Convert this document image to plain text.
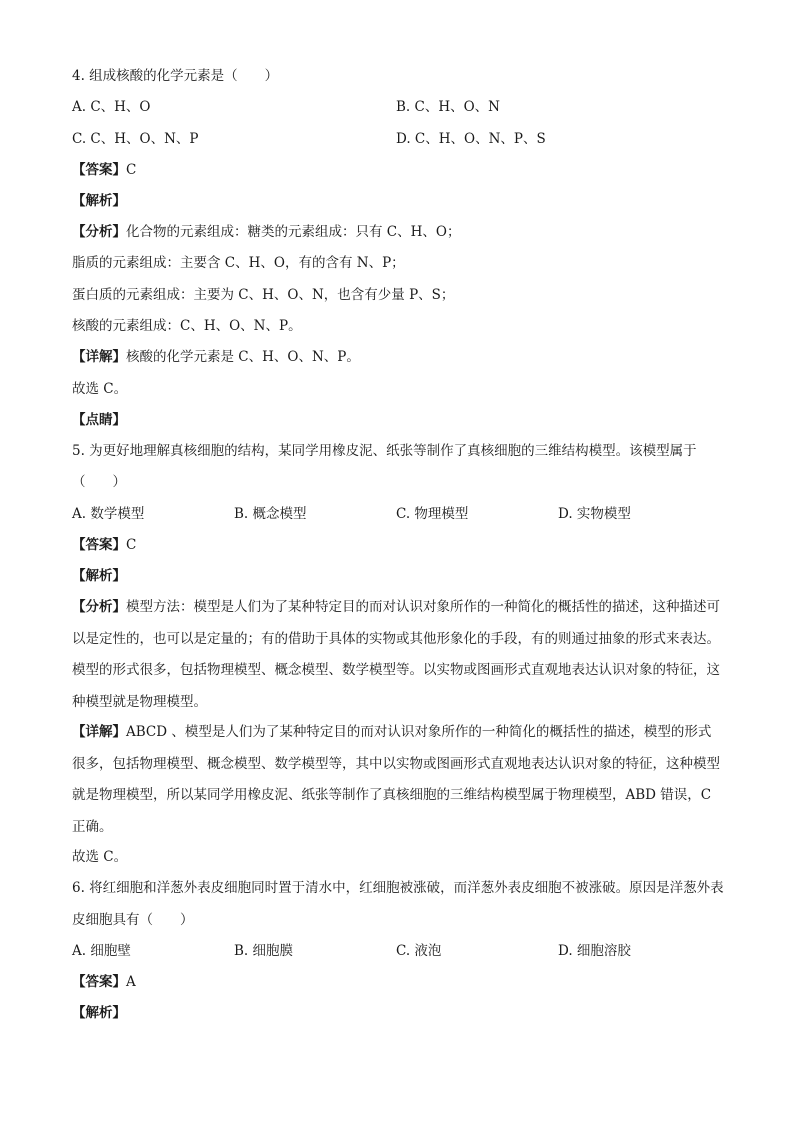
4. 组成核酸的化学元素是（　　）
A. C、H、O	B. C、H、O、N
C. C、H、O、N、P	D. C、H、O、N、P、S
【答案】C
【解析】
【分析】化合物的元素组成：糖类的元素组成：只有 C、H、O；
脂质的元素组成：主要含 C、H、O，有的含有 N、P；
蛋白质的元素组成：主要为 C、H、O、N，也含有少量 P、S；
核酸的元素组成：C、H、O、N、P。
【详解】核酸的化学元素是 C、H、O、N、P。
故选 C。
【点睛】
5. 为更好地理解真核细胞的结构，某同学用橡皮泥、纸张等制作了真核细胞的三维结构模型。该模型属于
（　　）
A. 数学模型	B. 概念模型	C. 物理模型	D. 实物模型
【答案】C
【解析】
【分析】模型方法：模型是人们为了某种特定目的而对认识对象所作的一种简化的概括性的描述，这种描述可以是定性的，也可以是定量的；有的借助于具体的实物或其他形象化的手段，有的则通过抽象的形式来表达。模型的形式很多，包括物理模型、概念模型、数学模型等。以实物或图画形式直观地表达认识对象的特征，这种模型就是物理模型。
【详解】ABCD 、模型是人们为了某种特定目的而对认识对象所作的一种简化的概括性的描述，模型的形式很多，包括物理模型、概念模型、数学模型等，其中以实物或图画形式直观地表达认识对象的特征，这种模型就是物理模型，所以某同学用橡皮泥、纸张等制作了真核细胞的三维结构模型属于物理模型，ABD 错误，C 正确。
故选 C。
6. 将红细胞和洋葱外表皮细胞同时置于清水中，红细胞被涨破，而洋葱外表皮细胞不被涨破。原因是洋葱外表皮细胞具有（　　）
A. 细胞壁	B. 细胞膜	C. 液泡	D. 细胞溶胶
【答案】A
【解析】
